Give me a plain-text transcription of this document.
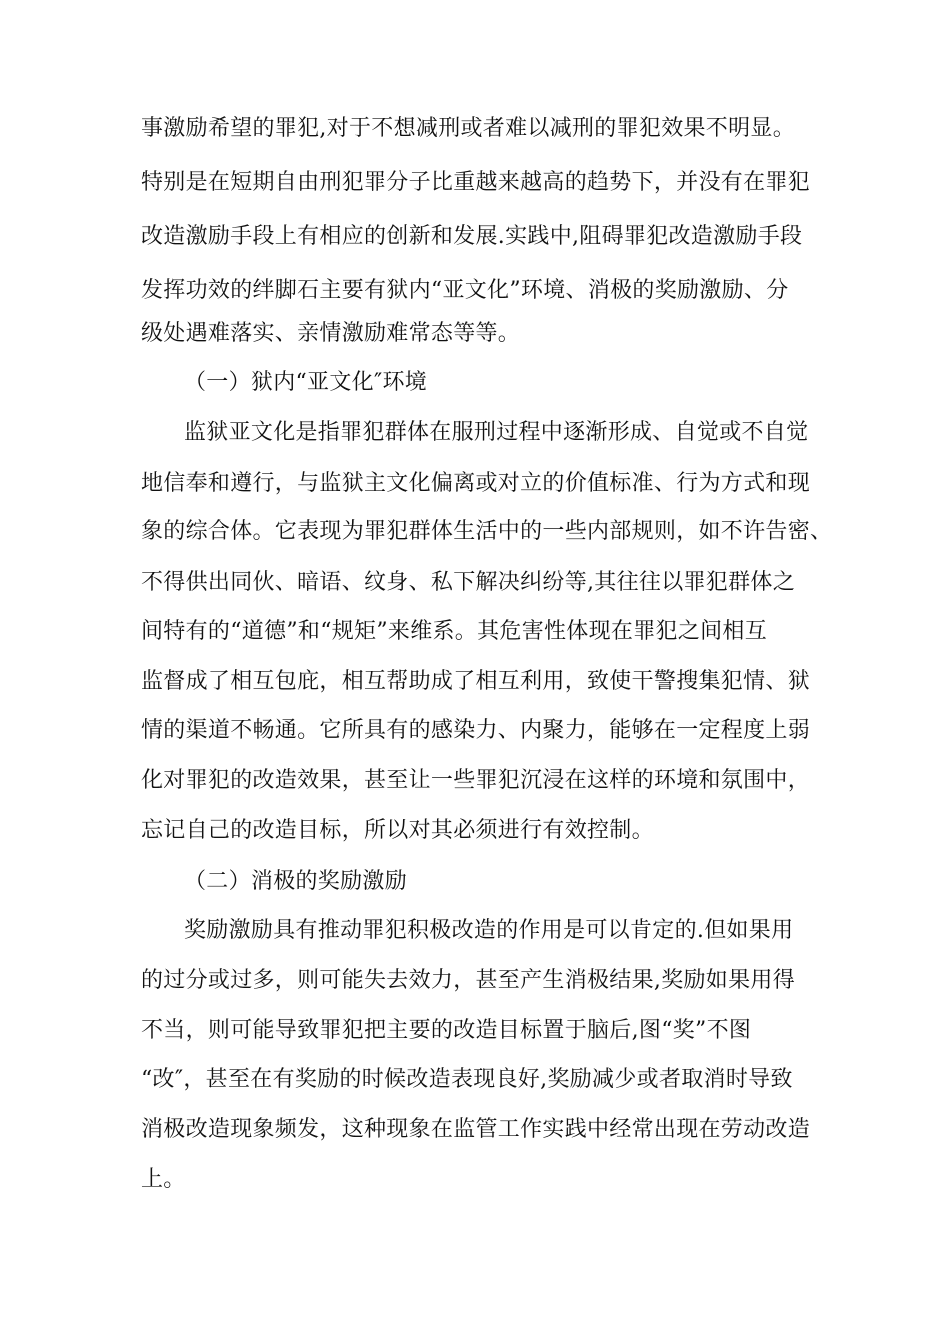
事激励希望的罪犯,对于不想减刑或者难以减刑的罪犯效果不明显。
特别是在短期自由刑犯罪分子比重越来越高的趋势下，并没有在罪犯
改造激励手段上有相应的创新和发展.实践中,阻碍罪犯改造激励手段
发挥功效的绊脚石主要有狱内“亚文化”环境、消极的奖励激励、分
级处遇难落实、亲情激励难常态等等。
（一）狱内“亚文化″环境
监狱亚文化是指罪犯群体在服刑过程中逐渐形成、自觉或不自觉
地信奉和遵行，与监狱主文化偏离或对立的价值标准、行为方式和现
象的综合体。它表现为罪犯群体生活中的一些内部规则，如不许告密、
不得供出同伙、暗语、纹身、私下解决纠纷等,其往往以罪犯群体之
间特有的“道德”和“规矩”来维系。其危害性体现在罪犯之间相互
监督成了相互包庇，相互帮助成了相互利用，致使干警搜集犯情、狱
情的渠道不畅通。它所具有的感染力、内聚力，能够在一定程度上弱
化对罪犯的改造效果，甚至让一些罪犯沉浸在这样的环境和氛围中，
忘记自己的改造目标，所以对其必须进行有效控制。
（二）消极的奖励激励
奖励激励具有推动罪犯积极改造的作用是可以肯定的.但如果用
的过分或过多，则可能失去效力，甚至产生消极结果,奖励如果用得
不当，则可能导致罪犯把主要的改造目标置于脑后,图“奖”不图
“改″，甚至在有奖励的时候改造表现良好,奖励减少或者取消时导致
消极改造现象频发，这种现象在监管工作实践中经常出现在劳动改造
上。
